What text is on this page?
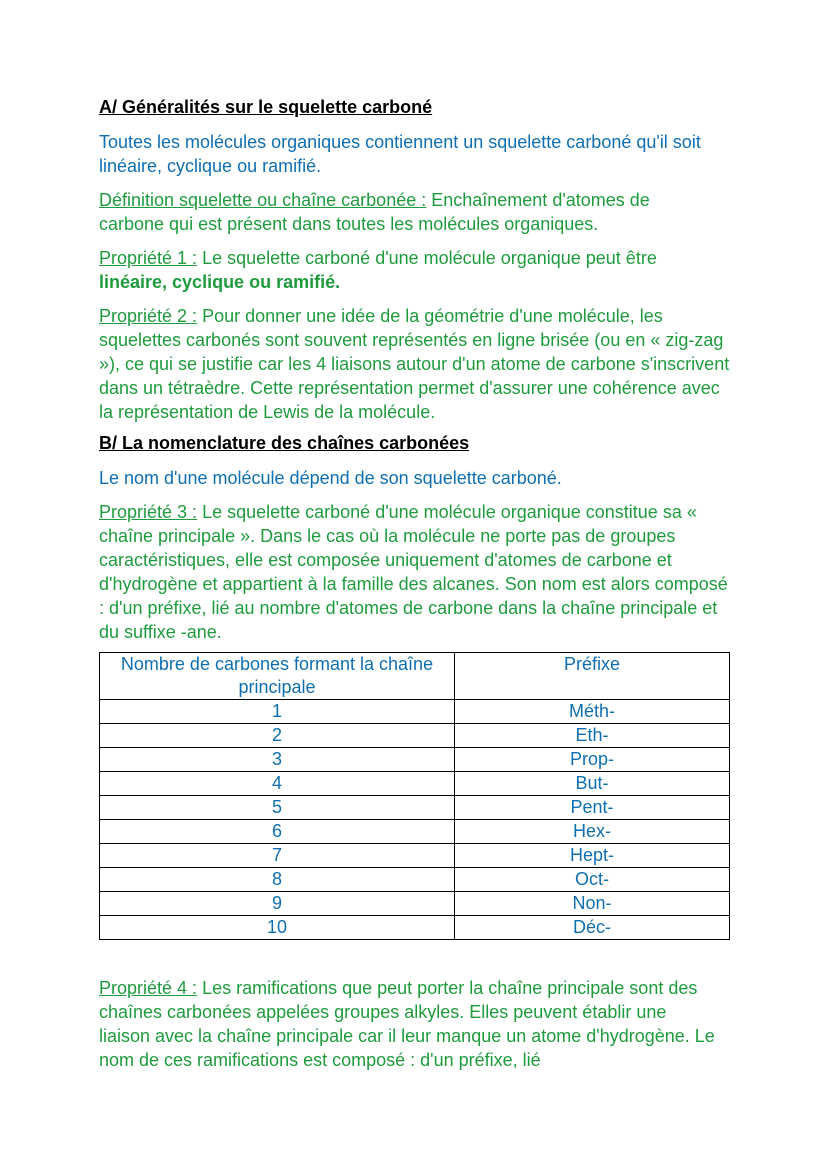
A/ Généralités sur le squelette carboné

Toutes les molécules organiques contiennent un squelette carboné qu'il soit linéaire, cyclique ou ramifié.

Définition squelette ou chaîne carbonée : Enchaînement d'atomes de carbone qui est présent dans toutes les molécules organiques.

Propriété 1 : Le squelette carboné d'une molécule organique peut être linéaire, cyclique ou ramifié.

Propriété 2 : Pour donner une idée de la géométrie d'une molécule, les squelettes carbonés sont souvent représentés en ligne brisée (ou en « zig-zag »), ce qui se justifie car les 4 liaisons autour d'un atome de carbone s'inscrivent dans un tétraèdre. Cette représentation permet d'assurer une cohérence avec la représentation de Lewis de la molécule.

B/ La nomenclature des chaînes carbonées

Le nom d'une molécule dépend de son squelette carboné.

Propriété 3 : Le squelette carboné d'une molécule organique constitue sa « chaîne principale ». Dans le cas où la molécule ne porte pas de groupes caractéristiques, elle est composée uniquement d'atomes de carbone et d'hydrogène et appartient à la famille des alcanes. Son nom est alors composé : d'un préfixe, lié au nombre d'atomes de carbone dans la chaîne principale et du suffixe -ane.

Nombre de carbones formant la chaîne principale	Préfixe
1	Méth-
2	Eth-
3	Prop-
4	But-
5	Pent-
6	Hex-
7	Hept-
8	Oct-
9	Non-
10	Déc-

Propriété 4 : Les ramifications que peut porter la chaîne principale sont des chaînes carbonées appelées groupes alkyles. Elles peuvent établir une liaison avec la chaîne principale car il leur manque un atome d'hydrogène. Le nom de ces ramifications est composé : d'un préfixe, lié
